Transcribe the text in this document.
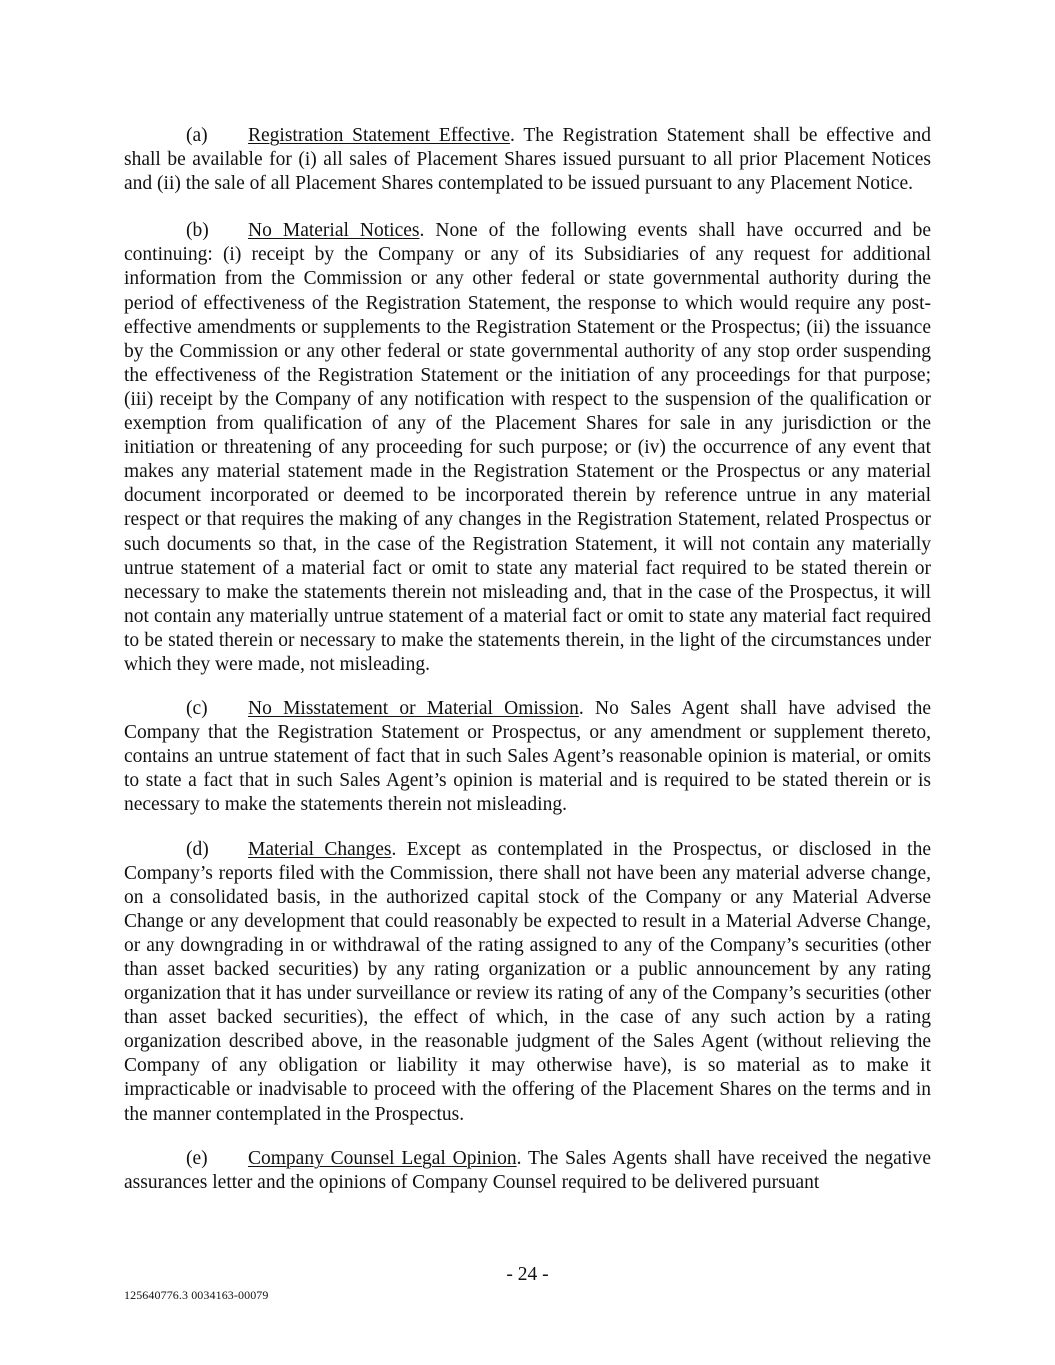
(a) Registration Statement Effective. The Registration Statement shall be effective and shall be available for (i) all sales of Placement Shares issued pursuant to all prior Placement Notices and (ii) the sale of all Placement Shares contemplated to be issued pursuant to any Placement Notice.

(b) No Material Notices. None of the following events shall have occurred and be continuing: (i) receipt by the Company or any of its Subsidiaries of any request for additional information from the Commission or any other federal or state governmental authority during the period of effectiveness of the Registration Statement, the response to which would require any post-effective amendments or supplements to the Registration Statement or the Prospectus; (ii) the issuance by the Commission or any other federal or state governmental authority of any stop order suspending the effectiveness of the Registration Statement or the initiation of any proceedings for that purpose; (iii) receipt by the Company of any notification with respect to the suspension of the qualification or exemption from qualification of any of the Placement Shares for sale in any jurisdiction or the initiation or threatening of any proceeding for such purpose; or (iv) the occurrence of any event that makes any material statement made in the Registration Statement or the Prospectus or any material document incorporated or deemed to be incorporated therein by reference untrue in any material respect or that requires the making of any changes in the Registration Statement, related Prospectus or such documents so that, in the case of the Registration Statement, it will not contain any materially untrue statement of a material fact or omit to state any material fact required to be stated therein or necessary to make the statements therein not misleading and, that in the case of the Prospectus, it will not contain any materially untrue statement of a material fact or omit to state any material fact required to be stated therein or necessary to make the statements therein, in the light of the circumstances under which they were made, not misleading.

(c) No Misstatement or Material Omission. No Sales Agent shall have advised the Company that the Registration Statement or Prospectus, or any amendment or supplement thereto, contains an untrue statement of fact that in such Sales Agent’s reasonable opinion is material, or omits to state a fact that in such Sales Agent’s opinion is material and is required to be stated therein or is necessary to make the statements therein not misleading.

(d) Material Changes. Except as contemplated in the Prospectus, or disclosed in the Company’s reports filed with the Commission, there shall not have been any material adverse change, on a consolidated basis, in the authorized capital stock of the Company or any Material Adverse Change or any development that could reasonably be expected to result in a Material Adverse Change, or any downgrading in or withdrawal of the rating assigned to any of the Company’s securities (other than asset backed securities) by any rating organization or a public announcement by any rating organization that it has under surveillance or review its rating of any of the Company’s securities (other than asset backed securities), the effect of which, in the case of any such action by a rating organization described above, in the reasonable judgment of the Sales Agent (without relieving the Company of any obligation or liability it may otherwise have), is so material as to make it impracticable or inadvisable to proceed with the offering of the Placement Shares on the terms and in the manner contemplated in the Prospectus.

(e) Company Counsel Legal Opinion. The Sales Agents shall have received the negative assurances letter and the opinions of Company Counsel required to be delivered pursuant

- 24 -
125640776.3 0034163-00079
